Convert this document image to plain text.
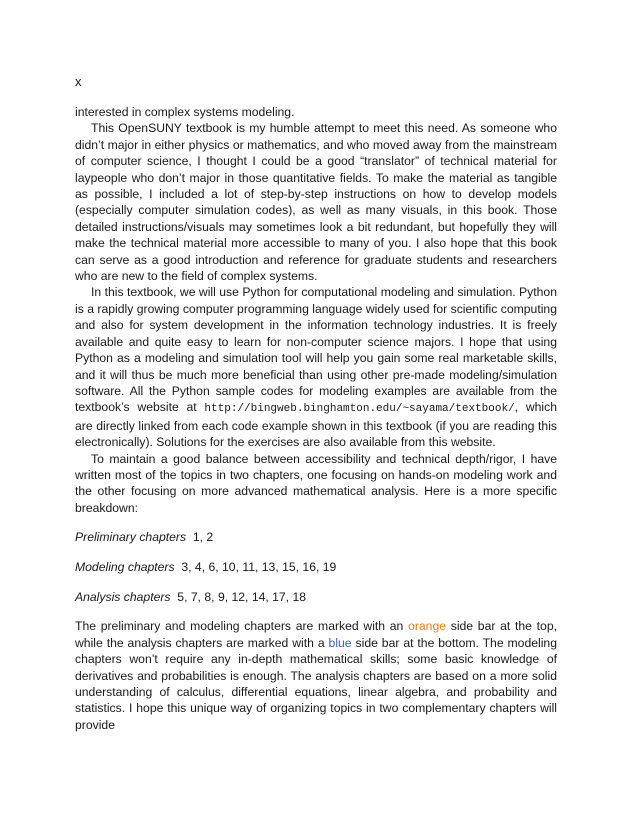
x

interested in complex systems modeling.

This OpenSUNY textbook is my humble attempt to meet this need. As someone who didn’t major in either physics or mathematics, and who moved away from the mainstream of computer science, I thought I could be a good “translator” of technical material for laypeople who don’t major in those quantitative fields. To make the material as tangible as possible, I included a lot of step-by-step instructions on how to develop models (especially computer simulation codes), as well as many visuals, in this book. Those detailed instructions/visuals may sometimes look a bit redundant, but hopefully they will make the technical material more accessible to many of you. I also hope that this book can serve as a good introduction and reference for graduate students and researchers who are new to the field of complex systems.

In this textbook, we will use Python for computational modeling and simulation. Python is a rapidly growing computer programming language widely used for scientific computing and also for system development in the information technology industries. It is freely available and quite easy to learn for non-computer science majors. I hope that using Python as a modeling and simulation tool will help you gain some real marketable skills, and it will thus be much more beneficial than using other pre-made modeling/simulation software. All the Python sample codes for modeling examples are available from the textbook’s website at http://bingweb.binghamton.edu/~sayama/textbook/, which are directly linked from each code example shown in this textbook (if you are reading this electronically). Solutions for the exercises are also available from this website.

To maintain a good balance between accessibility and technical depth/rigor, I have written most of the topics in two chapters, one focusing on hands-on modeling work and the other focusing on more advanced mathematical analysis. Here is a more specific breakdown:

Preliminary chapters 1, 2

Modeling chapters 3, 4, 6, 10, 11, 13, 15, 16, 19

Analysis chapters 5, 7, 8, 9, 12, 14, 17, 18

The preliminary and modeling chapters are marked with an orange side bar at the top, while the analysis chapters are marked with a blue side bar at the bottom. The modeling chapters won’t require any in-depth mathematical skills; some basic knowledge of derivatives and probabilities is enough. The analysis chapters are based on a more solid understanding of calculus, differential equations, linear algebra, and probability and statistics. I hope this unique way of organizing topics in two complementary chapters will provide
